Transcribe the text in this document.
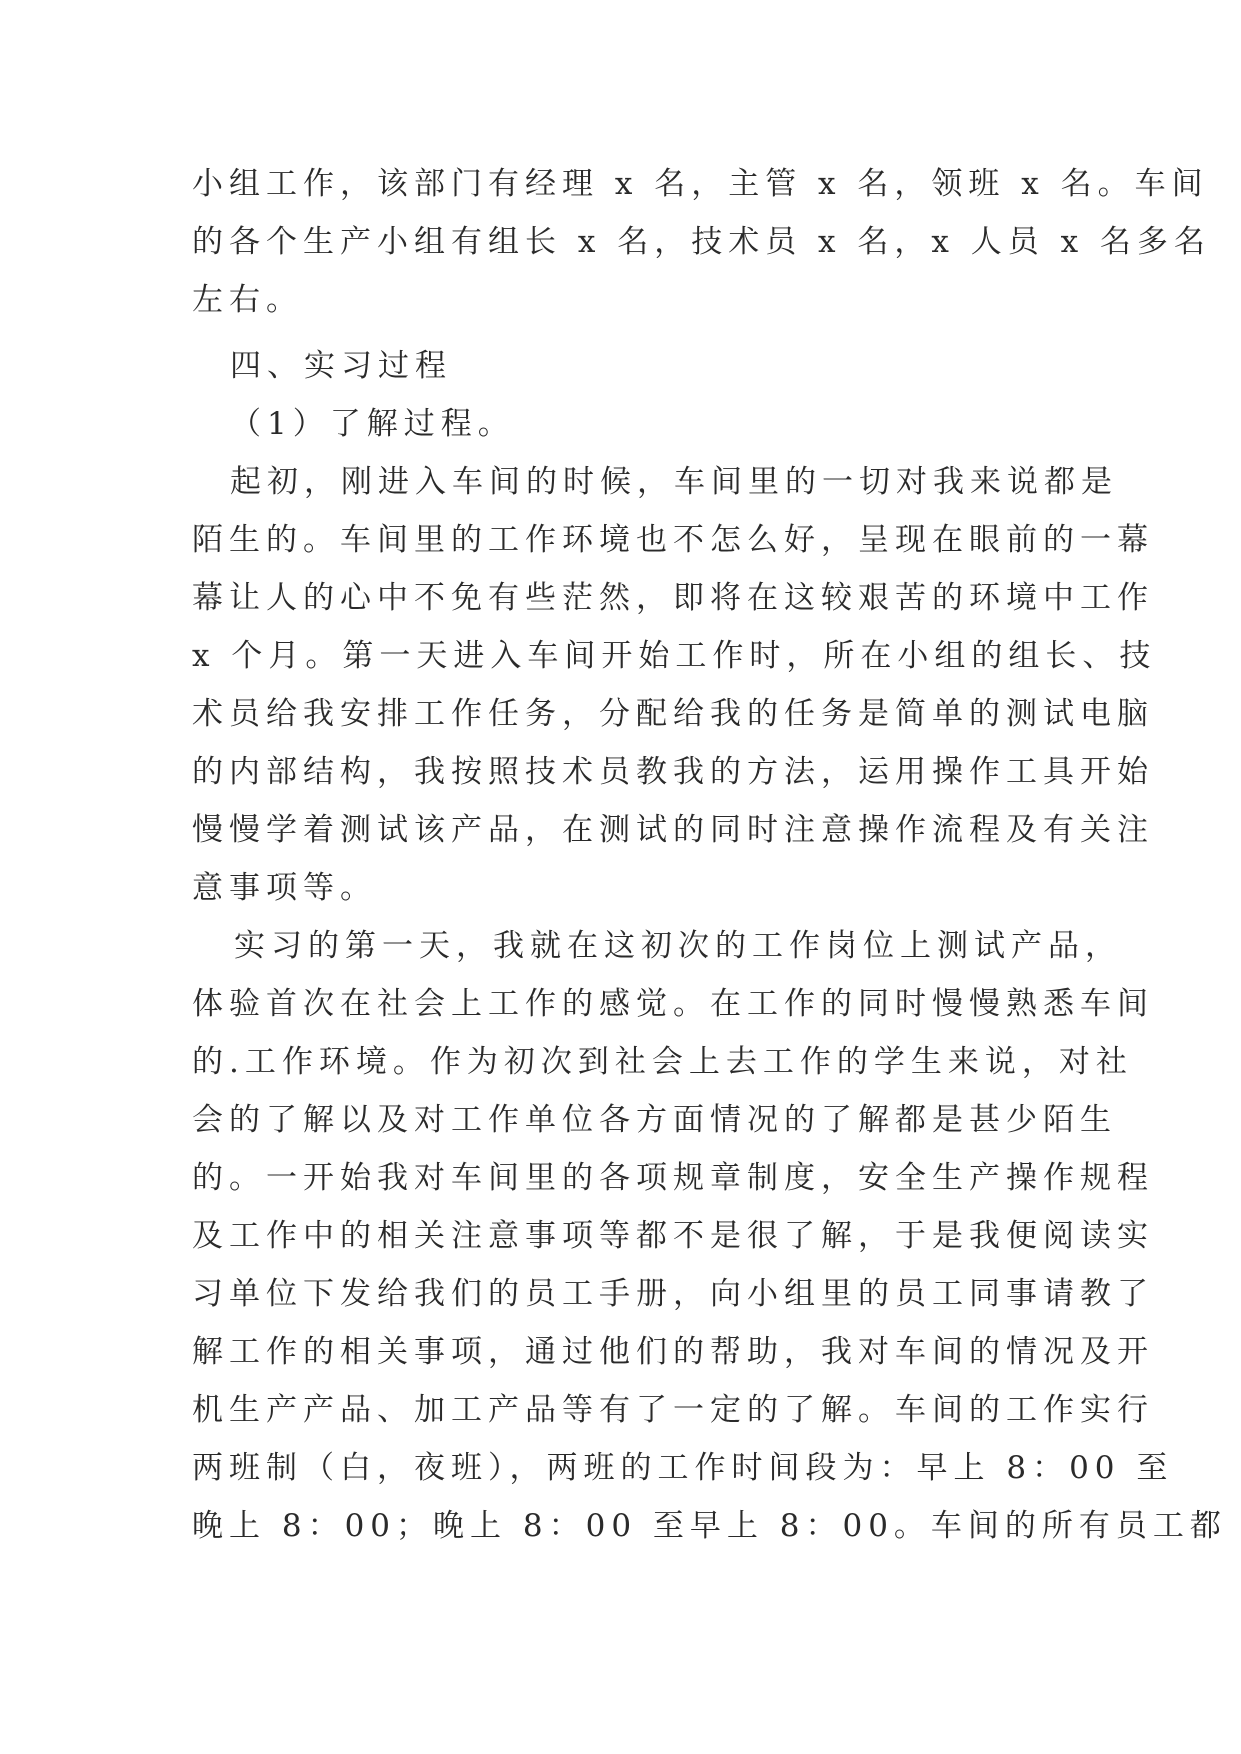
小组工作，该部门有经理 x 名，主管 x 名，领班 x 名。车间
的各个生产小组有组长 x 名，技术员 x 名，x 人员 x 名多名
左右。
四、实习过程
（1）了解过程。
起初，刚进入车间的时候，车间里的一切对我来说都是
陌生的。车间里的工作环境也不怎么好，呈现在眼前的一幕
幕让人的心中不免有些茫然，即将在这较艰苦的环境中工作
x 个月。第一天进入车间开始工作时，所在小组的组长、技
术员给我安排工作任务，分配给我的任务是简单的测试电脑
的内部结构，我按照技术员教我的方法，运用操作工具开始
慢慢学着测试该产品，在测试的同时注意操作流程及有关注
意事项等。
实习的第一天，我就在这初次的工作岗位上测试产品，
体验首次在社会上工作的感觉。在工作的同时慢慢熟悉车间
的.工作环境。作为初次到社会上去工作的学生来说，对社
会的了解以及对工作单位各方面情况的了解都是甚少陌生
的。一开始我对车间里的各项规章制度，安全生产操作规程
及工作中的相关注意事项等都不是很了解，于是我便阅读实
习单位下发给我们的员工手册，向小组里的员工同事请教了
解工作的相关事项，通过他们的帮助，我对车间的情况及开
机生产产品、加工产品等有了一定的了解。车间的工作实行
两班制（白，夜班），两班的工作时间段为：早上 8：00 至
晚上 8：00；晚上 8：00 至早上 8：00。车间的所有员工都
